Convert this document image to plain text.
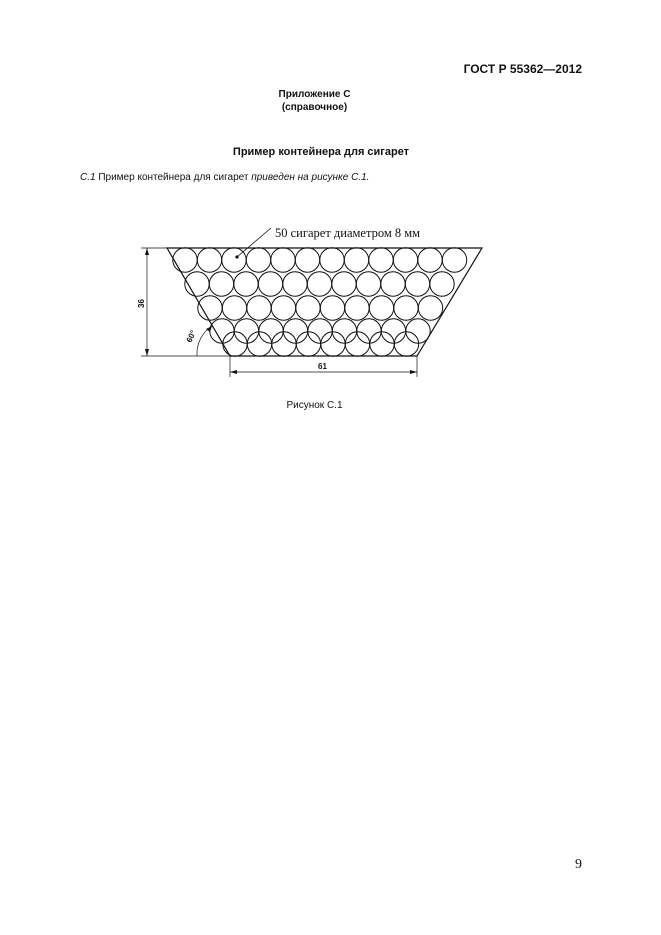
ГОСТ Р 55362—2012
Приложение С
(справочное)
Пример контейнера для сигарет
С.1 Пример контейнера для сигарет приведен на рисунке С.1.
50 сигарет диаметром 8 мм
36
60°
61
Рисунок С.1
9
